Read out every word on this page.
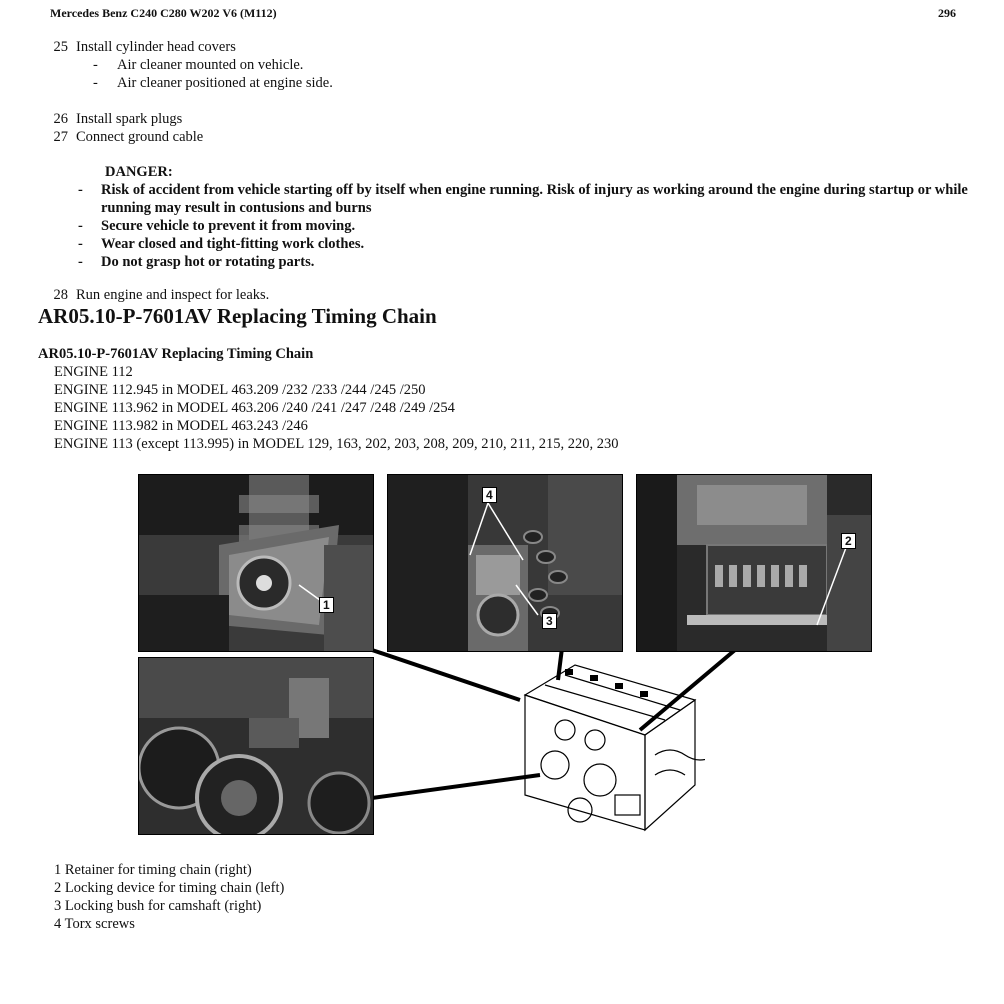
Mercedes Benz C240 C280 W202 V6 (M112)	296
25 Install cylinder head covers
- Air cleaner mounted on vehicle.
- Air cleaner positioned at engine side.
26 Install spark plugs
27 Connect ground cable
DANGER:
-	Risk of accident from vehicle starting off by itself when engine running. Risk of injury as working around the engine during startup or while running may result in contusions and burns
-	Secure vehicle to prevent it from moving.
-	Wear closed and tight-fitting work clothes.
-	Do not grasp hot or rotating parts.
28 Run engine and inspect for leaks.
AR05.10-P-7601AV Replacing Timing Chain
AR05.10-P-7601AV Replacing Timing Chain
ENGINE 112
ENGINE 112.945 in MODEL 463.209 /232 /233 /244 /245 /250
ENGINE 113.962 in MODEL 463.206 /240 /241 /247 /248 /249 /254
ENGINE 113.982 in MODEL 463.243 /246
ENGINE 113 (except 113.995) in MODEL 129, 163, 202, 203, 208, 209, 210, 211, 215, 220, 230
1
4
3
2
1 Retainer for timing chain (right)
2 Locking device for timing chain (left)
3 Locking bush for camshaft (right)
4 Torx screws
